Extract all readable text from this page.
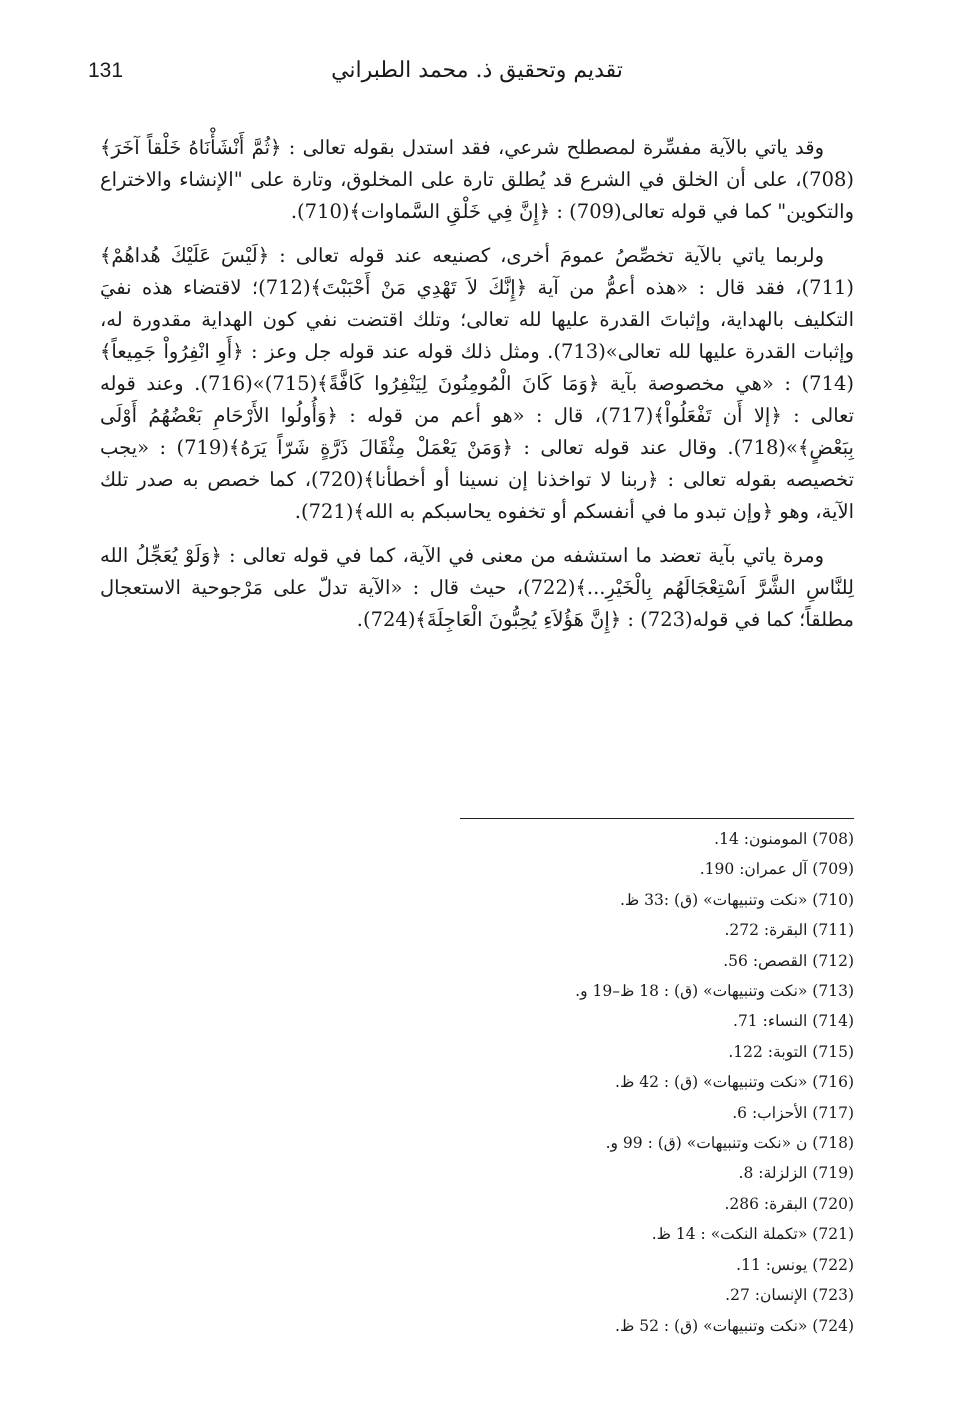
تقديم وتحقيق ذ. محمد الطبراني
131

وقد ياتي بالآية مفسِّرة لمصطلح شرعي، فقد استدل بقوله تعالى : ﴿ثُمَّ أَنْشَأْنَاهُ خَلْقاً آخَرَ﴾(708)، على أن الخلق في الشرع قد يُطلق تارة على المخلوق، وتارة على "الإنشاء والاختراع والتكوين" كما في قوله تعالى(709) : ﴿إِنَّ فِي خَلْقِ السَّماوات﴾(710).

ولربما ياتي بالآية تخصِّصُ عمومَ أخرى، كصنيعه عند قوله تعالى : ﴿لَيْسَ عَلَيْكَ هُداهُمْ﴾(711)، فقد قال : «هذه أعمُّ من آية ﴿إِنَّكَ لاَ تَهْدِي مَنْ أَحْبَبْتَ﴾(712)؛ لاقتضاء هذه نفيَ التكليف بالهداية، وإثباتَ القدرة عليها لله تعالى؛ وتلك اقتضت نفي كون الهداية مقدورة له، وإثبات القدرة عليها لله تعالى»(713). ومثل ذلك قوله عند قوله جل وعز : ﴿أَوِ انْفِرُواْ جَمِيعاً﴾(714) : «هي مخصوصة بآية ﴿وَمَا كَانَ الْمُومِنُونَ لِيَنْفِرُوا كَافَّةً﴾(715)»(716). وعند قوله تعالى : ﴿إلا أَن تَفْعَلُواْ﴾(717)، قال : «هو أعم من قوله : ﴿وَأُولُوا الأَرْحَامِ بَعْضُهُمُ أَوْلَى بِبَعْضٍ﴾»(718). وقال عند قوله تعالى : ﴿وَمَنْ يَعْمَلْ مِثْقَالَ ذَرَّةٍ شَرّاً يَرَهُ﴾(719) : «يجب تخصيصه بقوله تعالى : ﴿ربنا لا تواخذنا إن نسينا أو أخطأنا﴾(720)، كما خصص به صدر تلك الآية، وهو ﴿وإن تبدو ما في أنفسكم أو تخفوه يحاسبكم به الله﴾(721).

ومرة ياتي بآية تعضد ما استشفه من معنى في الآية، كما في قوله تعالى : ﴿وَلَوْ يُعَجِّلُ الله لِلنَّاسِ الشَّرَّ اَسْتِعْجَالَهُم بِالْخَيْرِ...﴾(722)، حيث قال : «الآية تدلّ على مَرْجوحية الاستعجال مطلقاً؛ كما في قوله(723) : ﴿إِنَّ هَؤُلاَءِ يُحِبُّونَ الْعَاجِلَةَ﴾(724).

(708) المومنون: 14.
(709) آل عمران: 190.
(710) «نكت وتنبيهات» (ق) :33 ظ.
(711) البقرة: 272.
(712) القصص: 56.
(713) «نكت وتنبيهات» (ق) : 18 ظ–19 و.
(714) النساء: 71.
(715) التوبة: 122.
(716) «نكت وتنبيهات» (ق) : 42 ظ.
(717) الأحزاب: 6.
(718) ن «نكت وتنبيهات» (ق) : 99 و.
(719) الزلزلة: 8.
(720) البقرة: 286.
(721) «تكملة النكت» : 14 ظ.
(722) يونس: 11.
(723) الإنسان: 27.
(724) «نكت وتنبيهات» (ق) : 52 ظ.
